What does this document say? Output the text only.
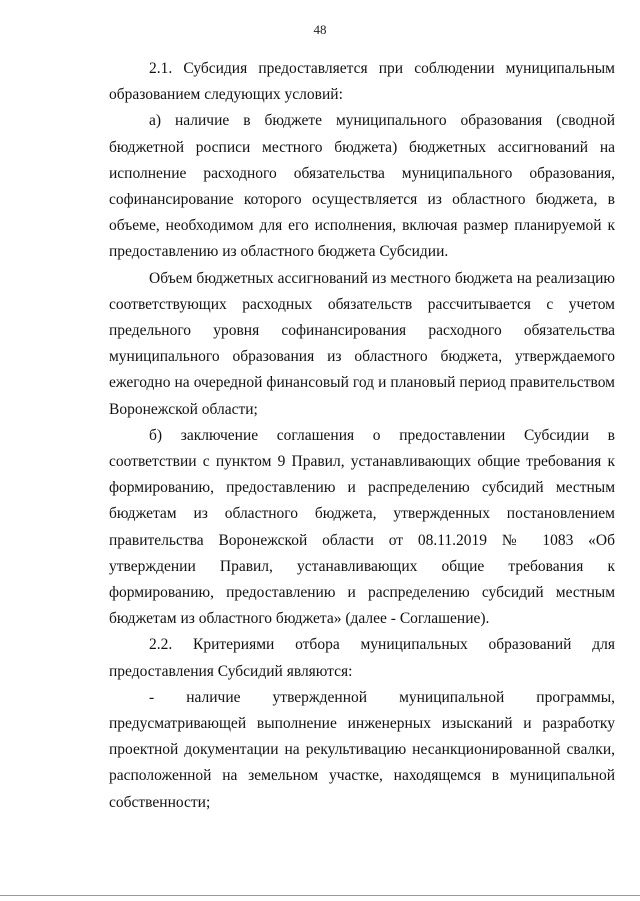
48

2.1. Субсидия предоставляется при соблюдении муниципальным образованием следующих условий:

а) наличие в бюджете муниципального образования (сводной бюджетной росписи местного бюджета) бюджетных ассигнований на исполнение расходного обязательства муниципального образования, софинансирование которого осуществляется из областного бюджета, в объеме, необходимом для его исполнения, включая размер планируемой к предоставлению из областного бюджета Субсидии.

Объем бюджетных ассигнований из местного бюджета на реализацию соответствующих расходных обязательств рассчитывается с учетом предельного уровня софинансирования расходного обязательства муниципального образования из областного бюджета, утверждаемого ежегодно на очередной финансовый год и плановый период правительством Воронежской области;

б) заключение соглашения о предоставлении Субсидии в соответствии с пунктом 9 Правил, устанавливающих общие требования к формированию, предоставлению и распределению субсидий местным бюджетам из областного бюджета, утвержденных постановлением правительства Воронежской области от 08.11.2019 № 1083 «Об утверждении Правил, устанавливающих общие требования к формированию, предоставлению и распределению субсидий местным бюджетам из областного бюджета» (далее - Соглашение).

2.2. Критериями отбора муниципальных образований для предоставления Субсидий являются:

- наличие утвержденной муниципальной программы, предусматривающей выполнение инженерных изысканий и разработку проектной документации на рекультивацию несанкционированной свалки, расположенной на земельном участке, находящемся в муниципальной собственности;
